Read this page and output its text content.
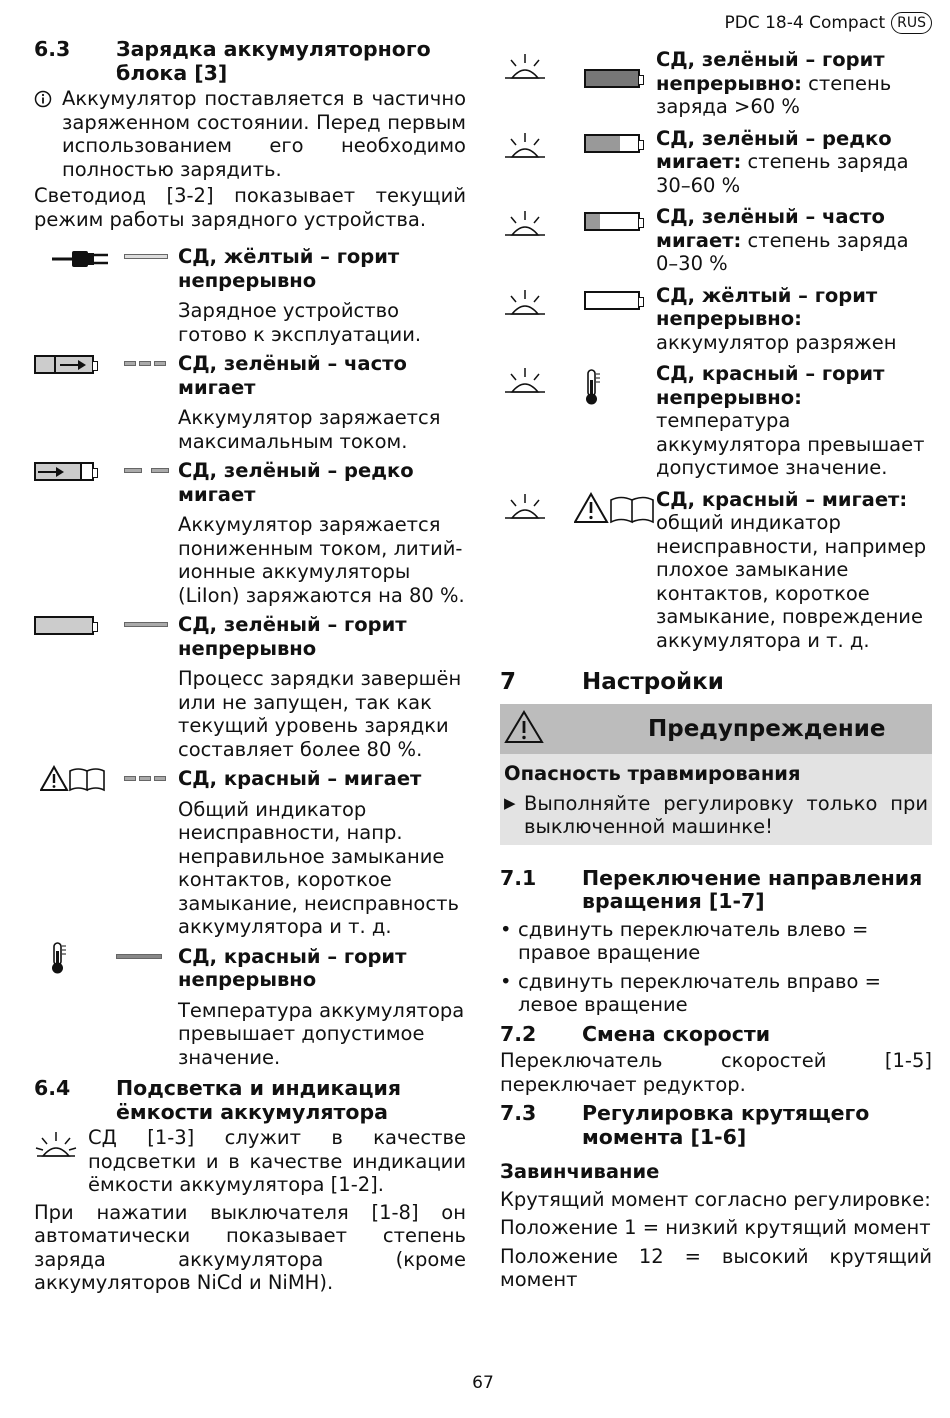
PDC 18-4 Compact RUS
6.3	Зарядка аккумуляторного
блока [3]

Аккумулятор поставляется в частично заряженном состоянии. Перед первым использованием его необходимо полностью зарядить.

Светодиод [3-2] показывает текущий режим работы зарядного устройства.

СД, жёлтый – горит непрерывно
Зарядное устройство готово к эксплуатации.
СД, зелёный – часто мигает
Аккумулятор заряжается максимальным током.
СД, зелёный – редко мигает
Аккумулятор заряжается пониженным током, литий-ионные аккумуляторы (LiIon) заряжаются на 80 %.
СД, зелёный – горит непрерывно
Процесс зарядки завершён или не запущен, так как текущий уровень зарядки составляет более 80 %.
СД, красный – мигает
Общий индикатор неисправности, напр. неправильное замыкание контактов, короткое замыкание, неисправность аккумулятора и т. д.
СД, красный – горит непрерывно
Температура аккумулятора превышает допустимое значение.
6.4	Подсветка и индикация
ёмкости аккумулятора

СД [1-3] служит в качестве подсветки и в качестве индикации ёмкости аккумулятора [1-2].

При нажатии выключателя [1-8] он автоматически показывает степень заряда аккумулятора (кроме аккумуляторов NiCd и NiMH).

СД, зелёный – горит непрерывно: степень заряда >60 %
СД, зелёный – редко мигает: степень заряда 30–60 %
СД, зелёный – часто мигает: степень заряда 0–30 %
СД, жёлтый – горит непрерывно: аккумулятор разряжен
СД, красный – горит непрерывно: температура аккумулятора превышает допустимое значение.
СД, красный – мигает: общий индикатор неисправности, например плохое замыкание контактов, короткое замыкание, повреждение аккумулятора и т. д.
7	Настройки
Предупреждение
Опасность травмирования
▶ Выполняйте регулировку только при выключенной машинке!

7.1	Переключение направления
вращения [1-7]
• сдвинуть переключатель влево = правое вращение
• сдвинуть переключатель вправо = левое вращение
7.2	Смена скорости

Переключатель скоростей [1-5] переключает редуктор.

7.3	Регулировка крутящего
момента [1-6]
Завинчивание

Крутящий момент согласно регулировке:

Положение 1 = низкий крутящий момент

Положение 12 = высокий крутящий момент

67
